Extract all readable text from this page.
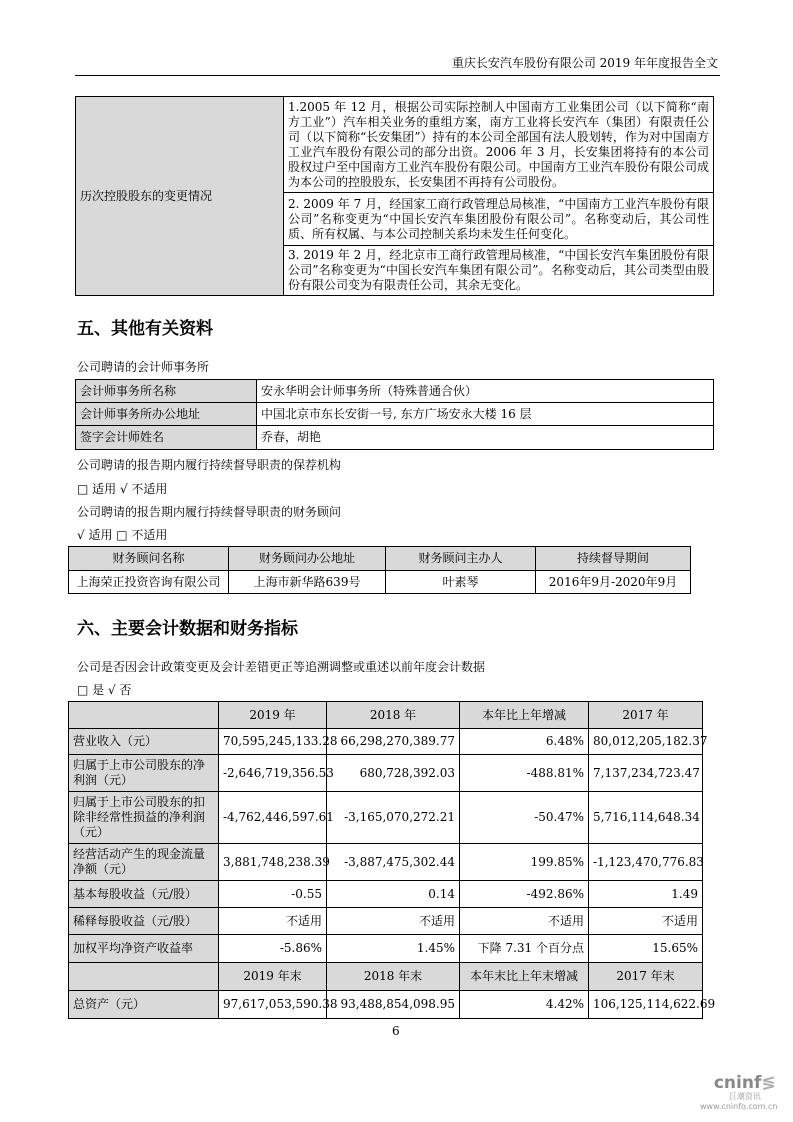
重庆长安汽车股份有限公司 2019 年年度报告全文
历次控股股东的变更情况	1.2005 年 12 月，根据公司实际控制人中国南方工业集团公司（以下简称“南方工业”）汽车相关业务的重组方案，南方工业将长安汽车（集团）有限责任公司（以下简称“长安集团”）持有的本公司全部国有法人股划转，作为对中国南方工业汽车股份有限公司的部分出资。2006 年 3 月，长安集团将持有的本公司股权过户至中国南方工业汽车股份有限公司。中国南方工业汽车股份有限公司成为本公司的控股股东，长安集团不再持有公司股份。
2. 2009 年 7 月，经国家工商行政管理总局核准，“中国南方工业汽车股份有限公司”名称变更为“中国长安汽车集团股份有限公司”。名称变动后，其公司性质、所有权属、与本公司控制关系均未发生任何变化。
3. 2019 年 2 月，经北京市工商行政管理局核准，“中国长安汽车集团股份有限公司”名称变更为“中国长安汽车集团有限公司”。名称变动后，其公司类型由股份有限公司变为有限责任公司，其余无变化。
五、其他有关资料
公司聘请的会计师事务所
会计师事务所名称	安永华明会计师事务所（特殊普通合伙）
会计师事务所办公地址	中国北京市东长安街一号, 东方广场安永大楼 16 层
签字会计师姓名	乔春，胡艳
公司聘请的报告期内履行持续督导职责的保荐机构
□ 适用 √ 不适用
公司聘请的报告期内履行持续督导职责的财务顾问
√ 适用 □ 不适用
财务顾问名称	财务顾问办公地址	财务顾问主办人	持续督导期间
上海荣正投资咨询有限公司	上海市新华路639号	叶素琴	2016年9月-2020年9月
六、主要会计数据和财务指标
公司是否因会计政策变更及会计差错更正等追溯调整或重述以前年度会计数据
□ 是 √ 否
	2019 年	2018 年	本年比上年增减	2017 年
营业收入（元）	70,595,245,133.28	66,298,270,389.77	6.48%	80,012,205,182.37
归属于上市公司股东的净利润（元）	-2,646,719,356.53	680,728,392.03	-488.81%	7,137,234,723.47
归属于上市公司股东的扣除非经常性损益的净利润（元）	-4,762,446,597.61	-3,165,070,272.21	-50.47%	5,716,114,648.34
经营活动产生的现金流量净额（元）	3,881,748,238.39	-3,887,475,302.44	199.85%	-1,123,470,776.83
基本每股收益（元/股）	-0.55	0.14	-492.86%	1.49
稀释每股收益（元/股）	不适用	不适用	不适用	不适用
加权平均净资产收益率	-5.86%	1.45%	下降 7.31 个百分点	15.65%
	2019 年末	2018 年末	本年末比上年末增减	2017 年末
总资产（元）	97,617,053,590.38	93,488,854,098.95	4.42%	106,125,114,622.69
6
cninf≶
巨潮资讯
www.cninfo.com.cn
